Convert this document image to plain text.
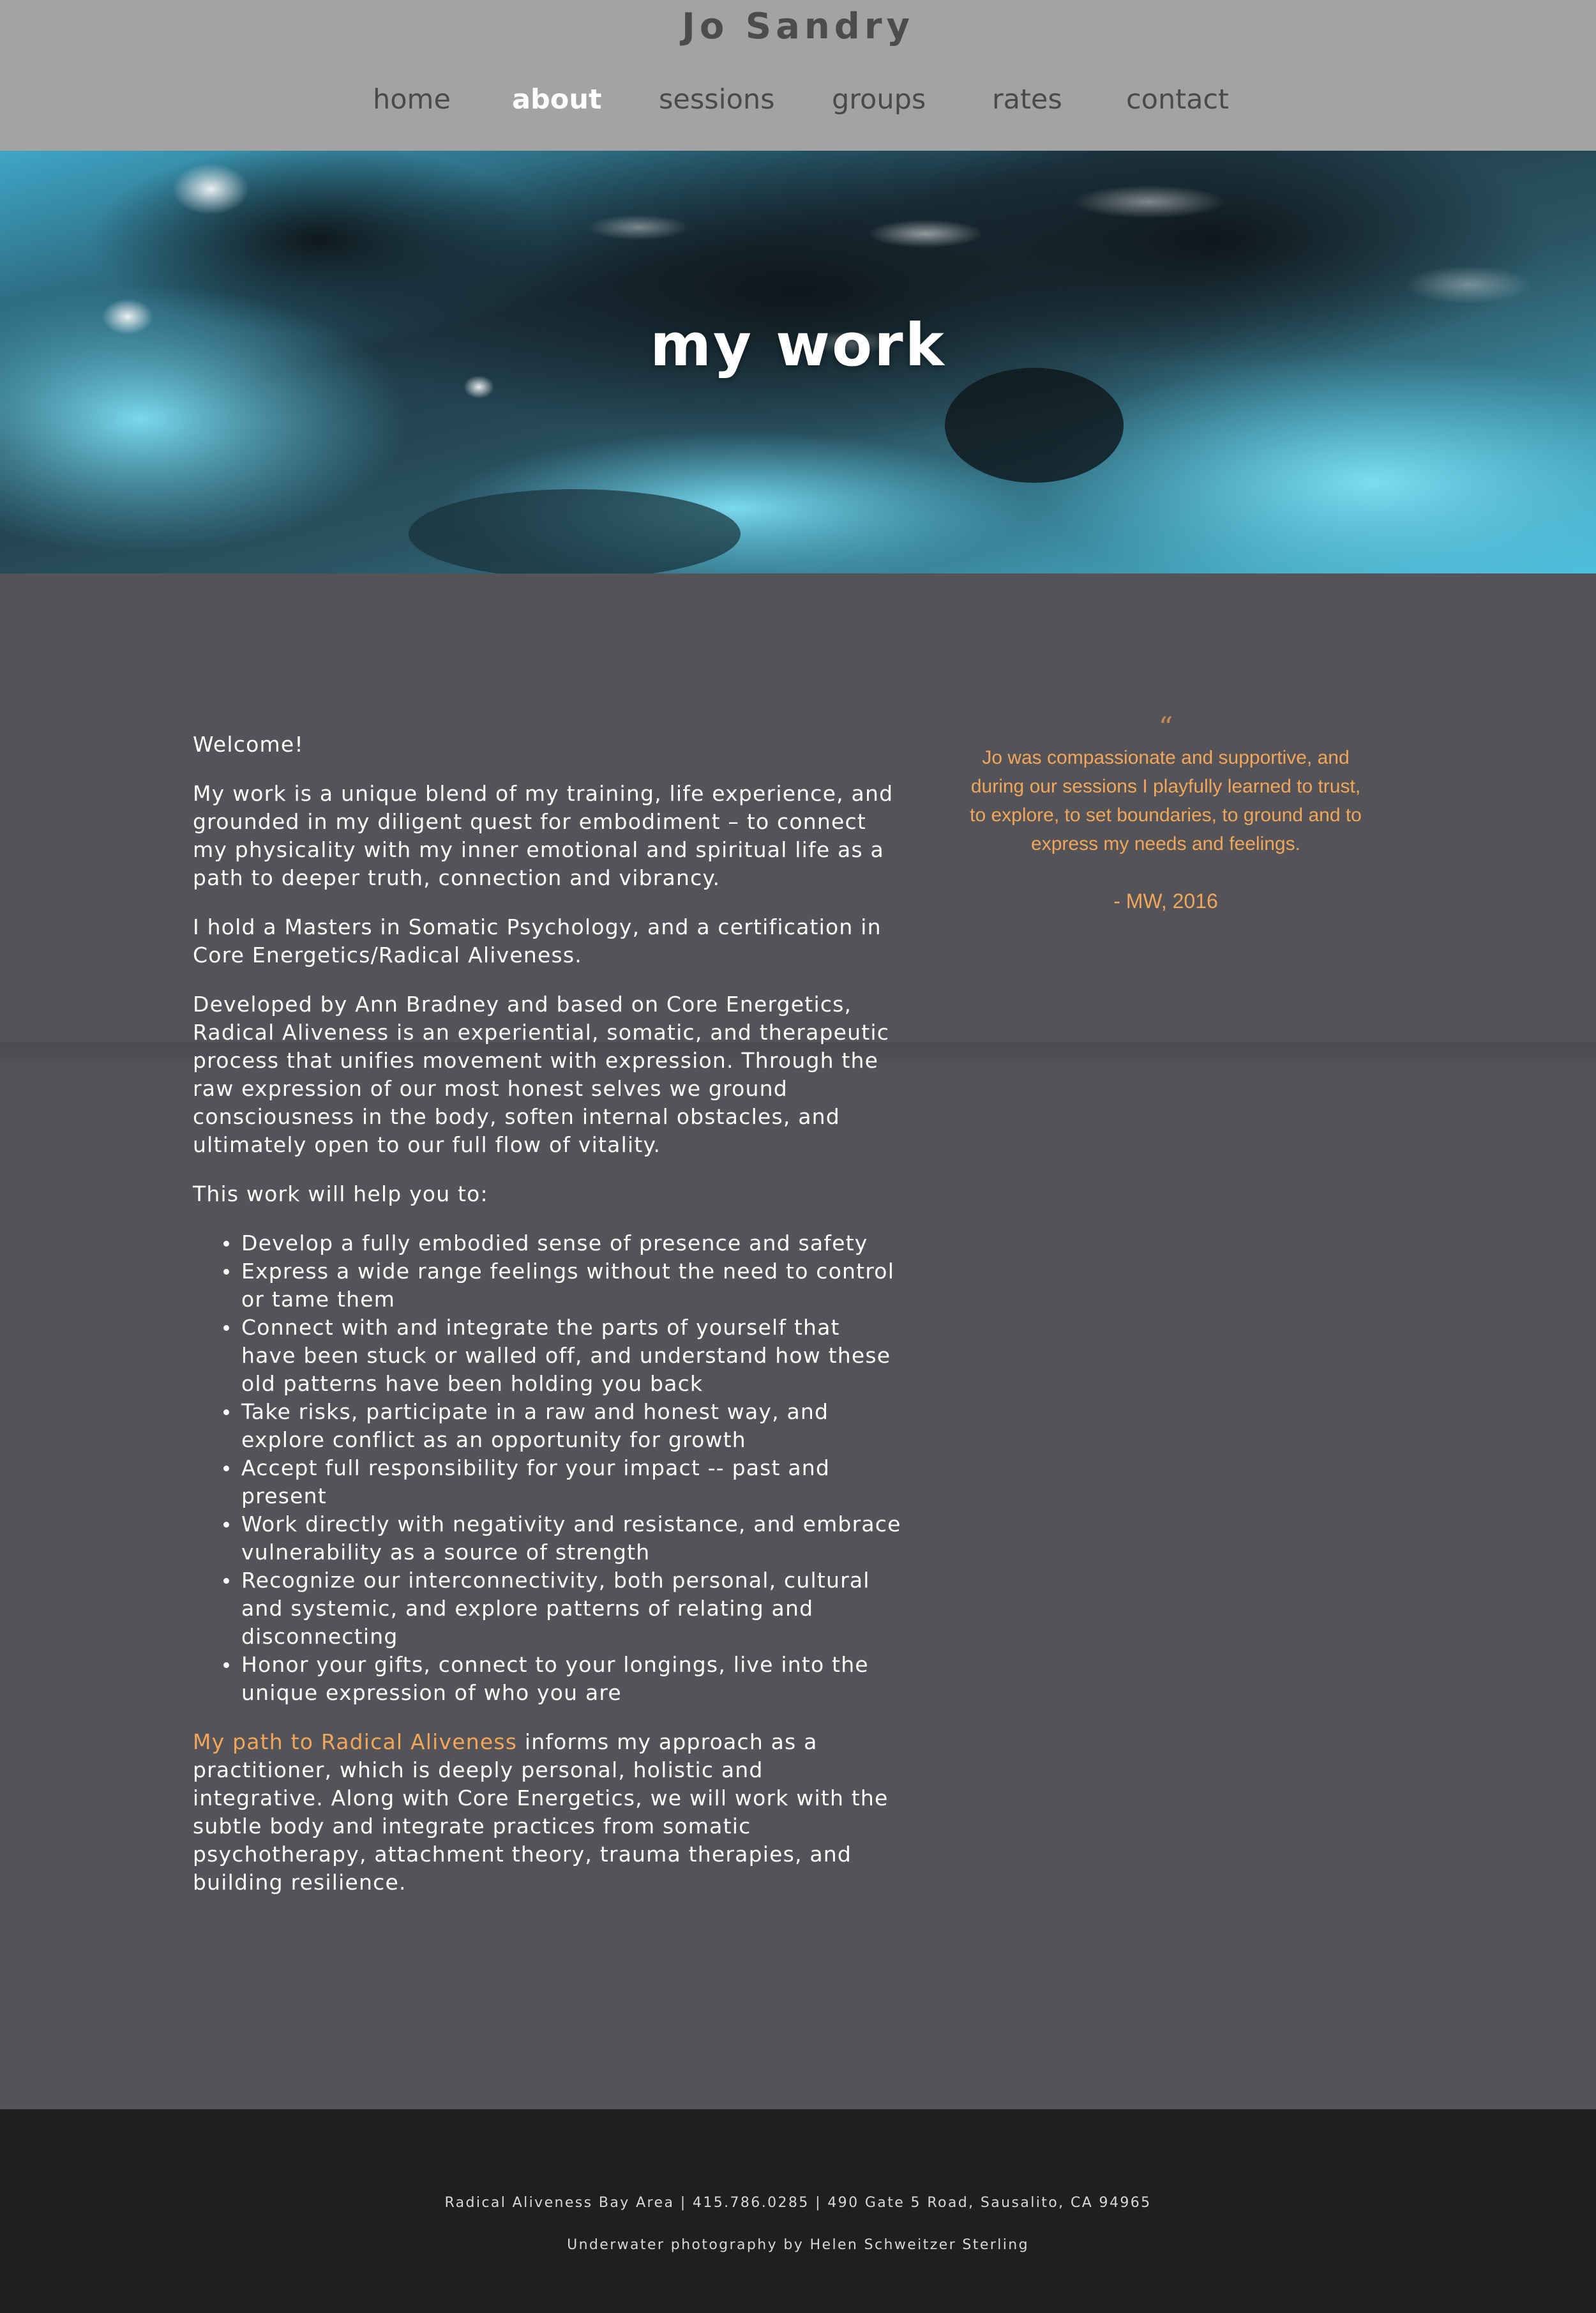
Jo Sandry
home about sessions groups rates contact
my work

Welcome!

My work is a unique blend of my training, life experience, and grounded in my diligent quest for embodiment – to connect my physicality with my inner emotional and spiritual life as a path to deeper truth, connection and vibrancy.

I hold a Masters in Somatic Psychology, and a certification in Core Energetics/Radical Aliveness.

Developed by Ann Bradney and based on Core Energetics, Radical Aliveness is an experiential, somatic, and therapeutic process that unifies movement with expression. Through the raw expression of our most honest selves we ground consciousness in the body, soften internal obstacles, and ultimately open to our full flow of vitality.

This work will help you to:

Develop a fully embodied sense of presence and safety
Express a wide range feelings without the need to control or tame them
Connect with and integrate the parts of yourself that have been stuck or walled off, and understand how these old patterns have been holding you back
Take risks, participate in a raw and honest way, and explore conflict as an opportunity for growth
Accept full responsibility for your impact -- past and present
Work directly with negativity and resistance, and embrace vulnerability as a source of strength
Recognize our interconnectivity, both personal, cultural and systemic, and explore patterns of relating and disconnecting
Honor your gifts, connect to your longings, live into the unique expression of who you are

My path to Radical Aliveness informs my approach as a practitioner, which is deeply personal, holistic and integrative. Along with Core Energetics, we will work with the subtle body and integrate practices from somatic psychotherapy, attachment theory, trauma therapies, and building resilience.

“

Jo was compassionate and supportive, and during our sessions I playfully learned to trust, to explore, to set boundaries, to ground and to express my needs and feelings.

- MW, 2016
Radical Aliveness Bay Area | 415.786.0285 | 490 Gate 5 Road, Sausalito, CA 94965
Underwater photography by Helen Schweitzer Sterling
